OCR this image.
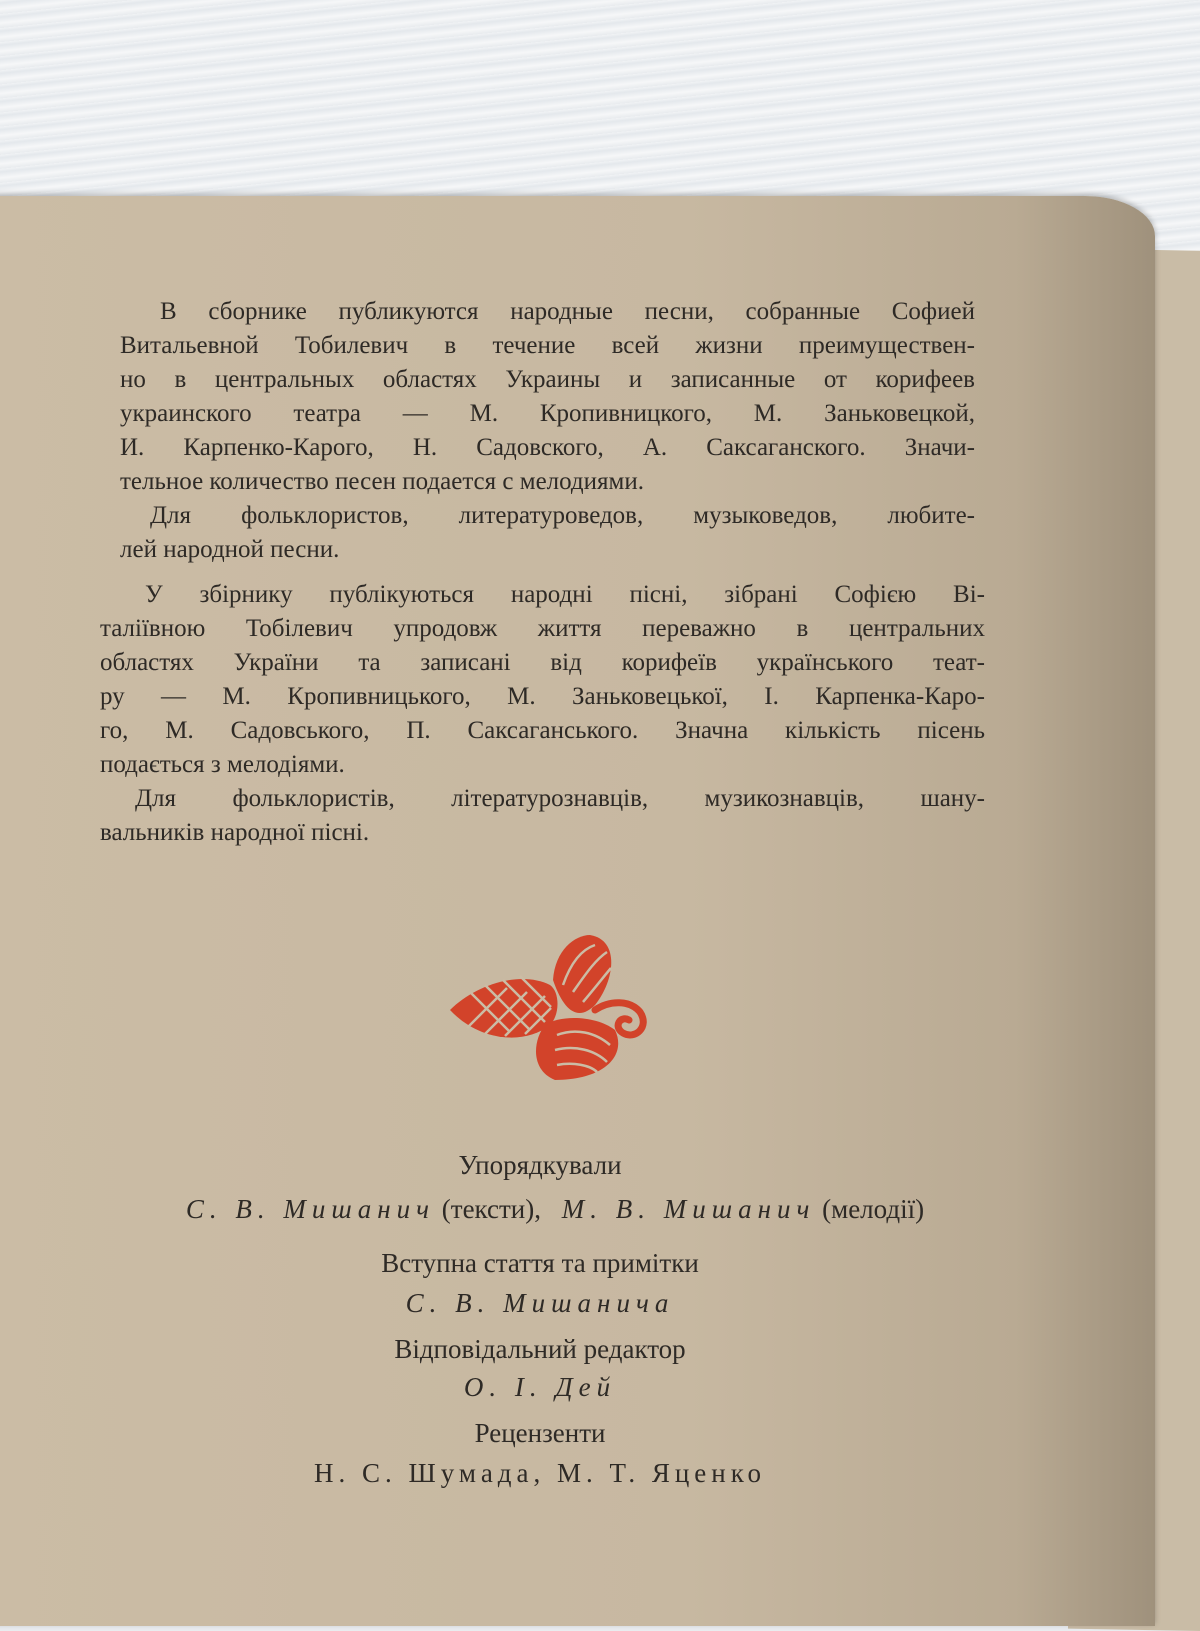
В сборнике публикуются народные песни, собранные Софией
Витальевной Тобилевич в течение всей жизни преимуществен-
но в центральных областях Украины и записанные от корифеев
украинского театра — М. Кропивницкого, М. Заньковецкой,
И. Карпенко-Карого, Н. Садовского, А. Саксаганского. Значи-
тельное количество песен подается с мелодиями.
Для фольклористов, литературоведов, музыковедов, любите-
лей народной песни.
У збірнику публікуються народні пісні, зібрані Софією Ві-
таліївною Тобілевич упродовж життя переважно в центральних
областях України та записані від корифеїв українського теат-
ру — М. Кропивницького, М. Заньковецької, І. Карпенка-Каро-
го, М. Садовського, П. Саксаганського. Значна кількість пісень
подається з мелодіями.
Для фольклористів, літературознавців, музикознавців, шану-
вальників народної пісні.
Упорядкували
С. В. Мишанич (тексти), М. В. Мишанич (мелодії)
Вступна стаття та примітки
С. В. Мишанича
Відповідальний редактор
О. І. Дей
Рецензенти
Н. С. Шумада, М. Т. Яценко
